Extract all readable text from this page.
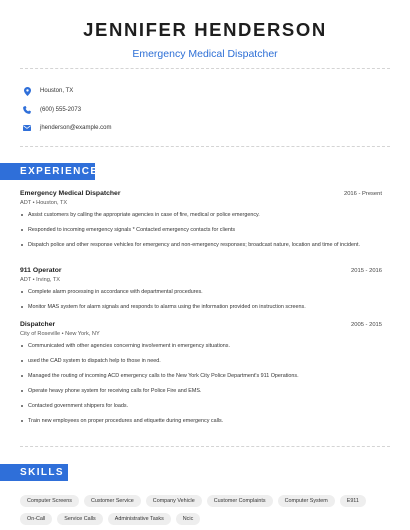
JENNIFER HENDERSON
Emergency Medical Dispatcher
Houston, TX
(600) 555-2073
jhenderson@example.com
EXPERIENCE
Emergency Medical Dispatcher	2016 - Present
ADT • Houston, TX
Assist customers by calling the appropriate agencies in case of fire, medical or police emergency.
Responded to incoming emergency signals * Contacted emergency contacts for clients
Dispatch police and other response vehicles for emergency and non-emergency responses; broadcast nature, location and time of incident.
911 Operator	2015 - 2016
ADT • Irving, TX
Complete alarm processing in accordance with departmental procedures.
Monitor MAS system for alarm signals and responds to alarms using the information provided on instruction screens.
Dispatcher	2005 - 2015
City of Roseville • New York, NY
Communicated with other agencies concerning involvement in emergency situations.
used the CAD system to dispatch help to those in need.
Managed the routing of incoming ACD emergency calls to the New York City Police Department's 911 Operations.
Operate heavy phone system for receiving calls for Police Fire and EMS.
Contacted government shippers for loads.
Train new employees on proper procedures and etiquette during emergency calls.
SKILLS
Computer Screens	Customer Service	Company Vehicle	Customer Complaints	Computer System	E911
On-Call	Service Calls	Administrative Tasks	Ncic
